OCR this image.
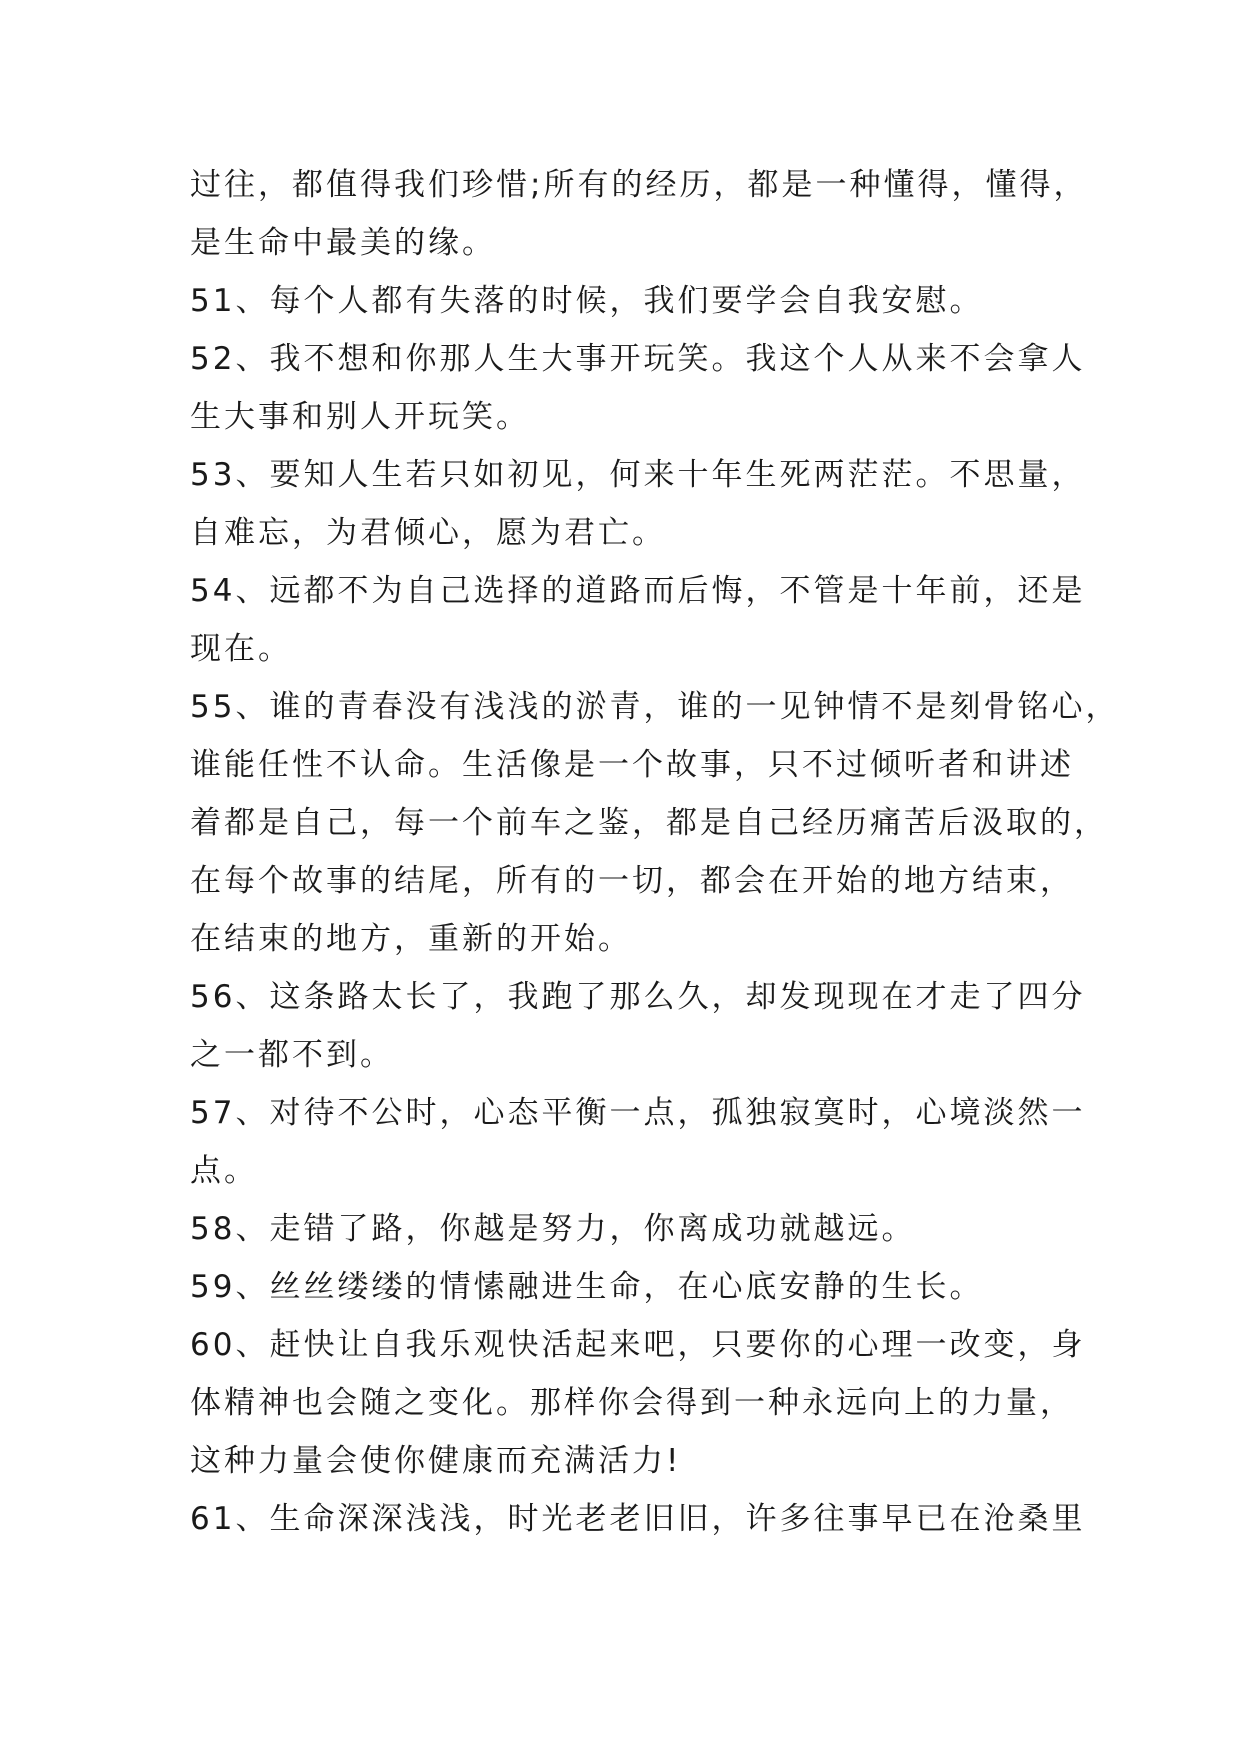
过往，都值得我们珍惜;所有的经历，都是一种懂得，懂得，

是生命中最美的缘。

51、每个人都有失落的时候，我们要学会自我安慰。

52、我不想和你那人生大事开玩笑。我这个人从来不会拿人

生大事和别人开玩笑。

53、要知人生若只如初见，何来十年生死两茫茫。不思量，

自难忘，为君倾心，愿为君亡。

54、远都不为自己选择的道路而后悔，不管是十年前，还是

现在。

55、谁的青春没有浅浅的淤青，谁的一见钟情不是刻骨铭心，

谁能任性不认命。生活像是一个故事，只不过倾听者和讲述

着都是自己，每一个前车之鉴，都是自己经历痛苦后汲取的，

在每个故事的结尾，所有的一切，都会在开始的地方结束，

在结束的地方，重新的开始。

56、这条路太长了，我跑了那么久，却发现现在才走了四分

之一都不到。

57、对待不公时，心态平衡一点，孤独寂寞时，心境淡然一

点。

58、走错了路，你越是努力，你离成功就越远。

59、丝丝缕缕的情愫融进生命，在心底安静的生长。

60、赶快让自我乐观快活起来吧，只要你的心理一改变，身

体精神也会随之变化。那样你会得到一种永远向上的力量，

这种力量会使你健康而充满活力!

61、生命深深浅浅，时光老老旧旧，许多往事早已在沧桑里
